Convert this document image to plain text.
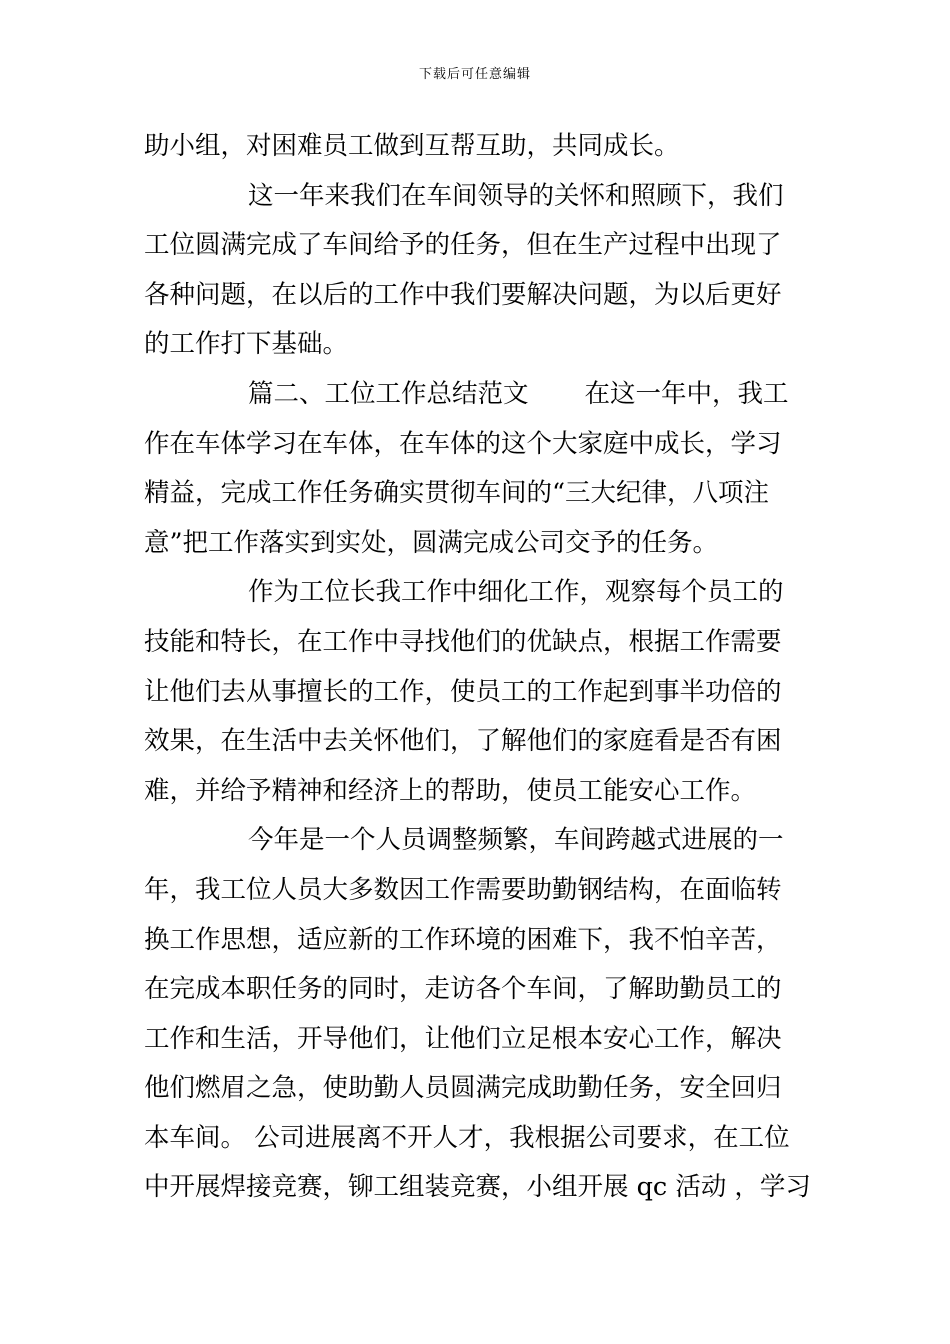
下载后可任意编辑
助小组，对困难员工做到互帮互助，共同成长。
这一年来我们在车间领导的关怀和照顾下，我们
工位圆满完成了车间给予的任务，但在生产过程中出现了
各种问题，在以后的工作中我们要解决问题，为以后更好
的工作打下基础。
篇二、工位工作总结范文 在这一年中，我工
作在车体学习在车体，在车体的这个大家庭中成长，学习
精益，完成工作任务确实贯彻车间的“三大纪律，八项注
意”把工作落实到实处，圆满完成公司交予的任务。
作为工位长我工作中细化工作，观察每个员工的
技能和特长，在工作中寻找他们的优缺点，根据工作需要
让他们去从事擅长的工作，使员工的工作起到事半功倍的
效果，在生活中去关怀他们，了解他们的家庭看是否有困
难，并给予精神和经济上的帮助，使员工能安心工作。
今年是一个人员调整频繁，车间跨越式进展的一
年，我工位人员大多数因工作需要助勤钢结构，在面临转
换工作思想，适应新的工作环境的困难下，我不怕辛苦，
在完成本职任务的同时，走访各个车间，了解助勤员工的
工作和生活，开导他们，让他们立足根本安心工作，解决
他们燃眉之急，使助勤人员圆满完成助勤任务，安全回归
本车间。 公司进展离不开人才，我根据公司要求，在工位
中开展焊接竞赛，铆工组装竞赛，小组开展 qc 活动 ，学习
